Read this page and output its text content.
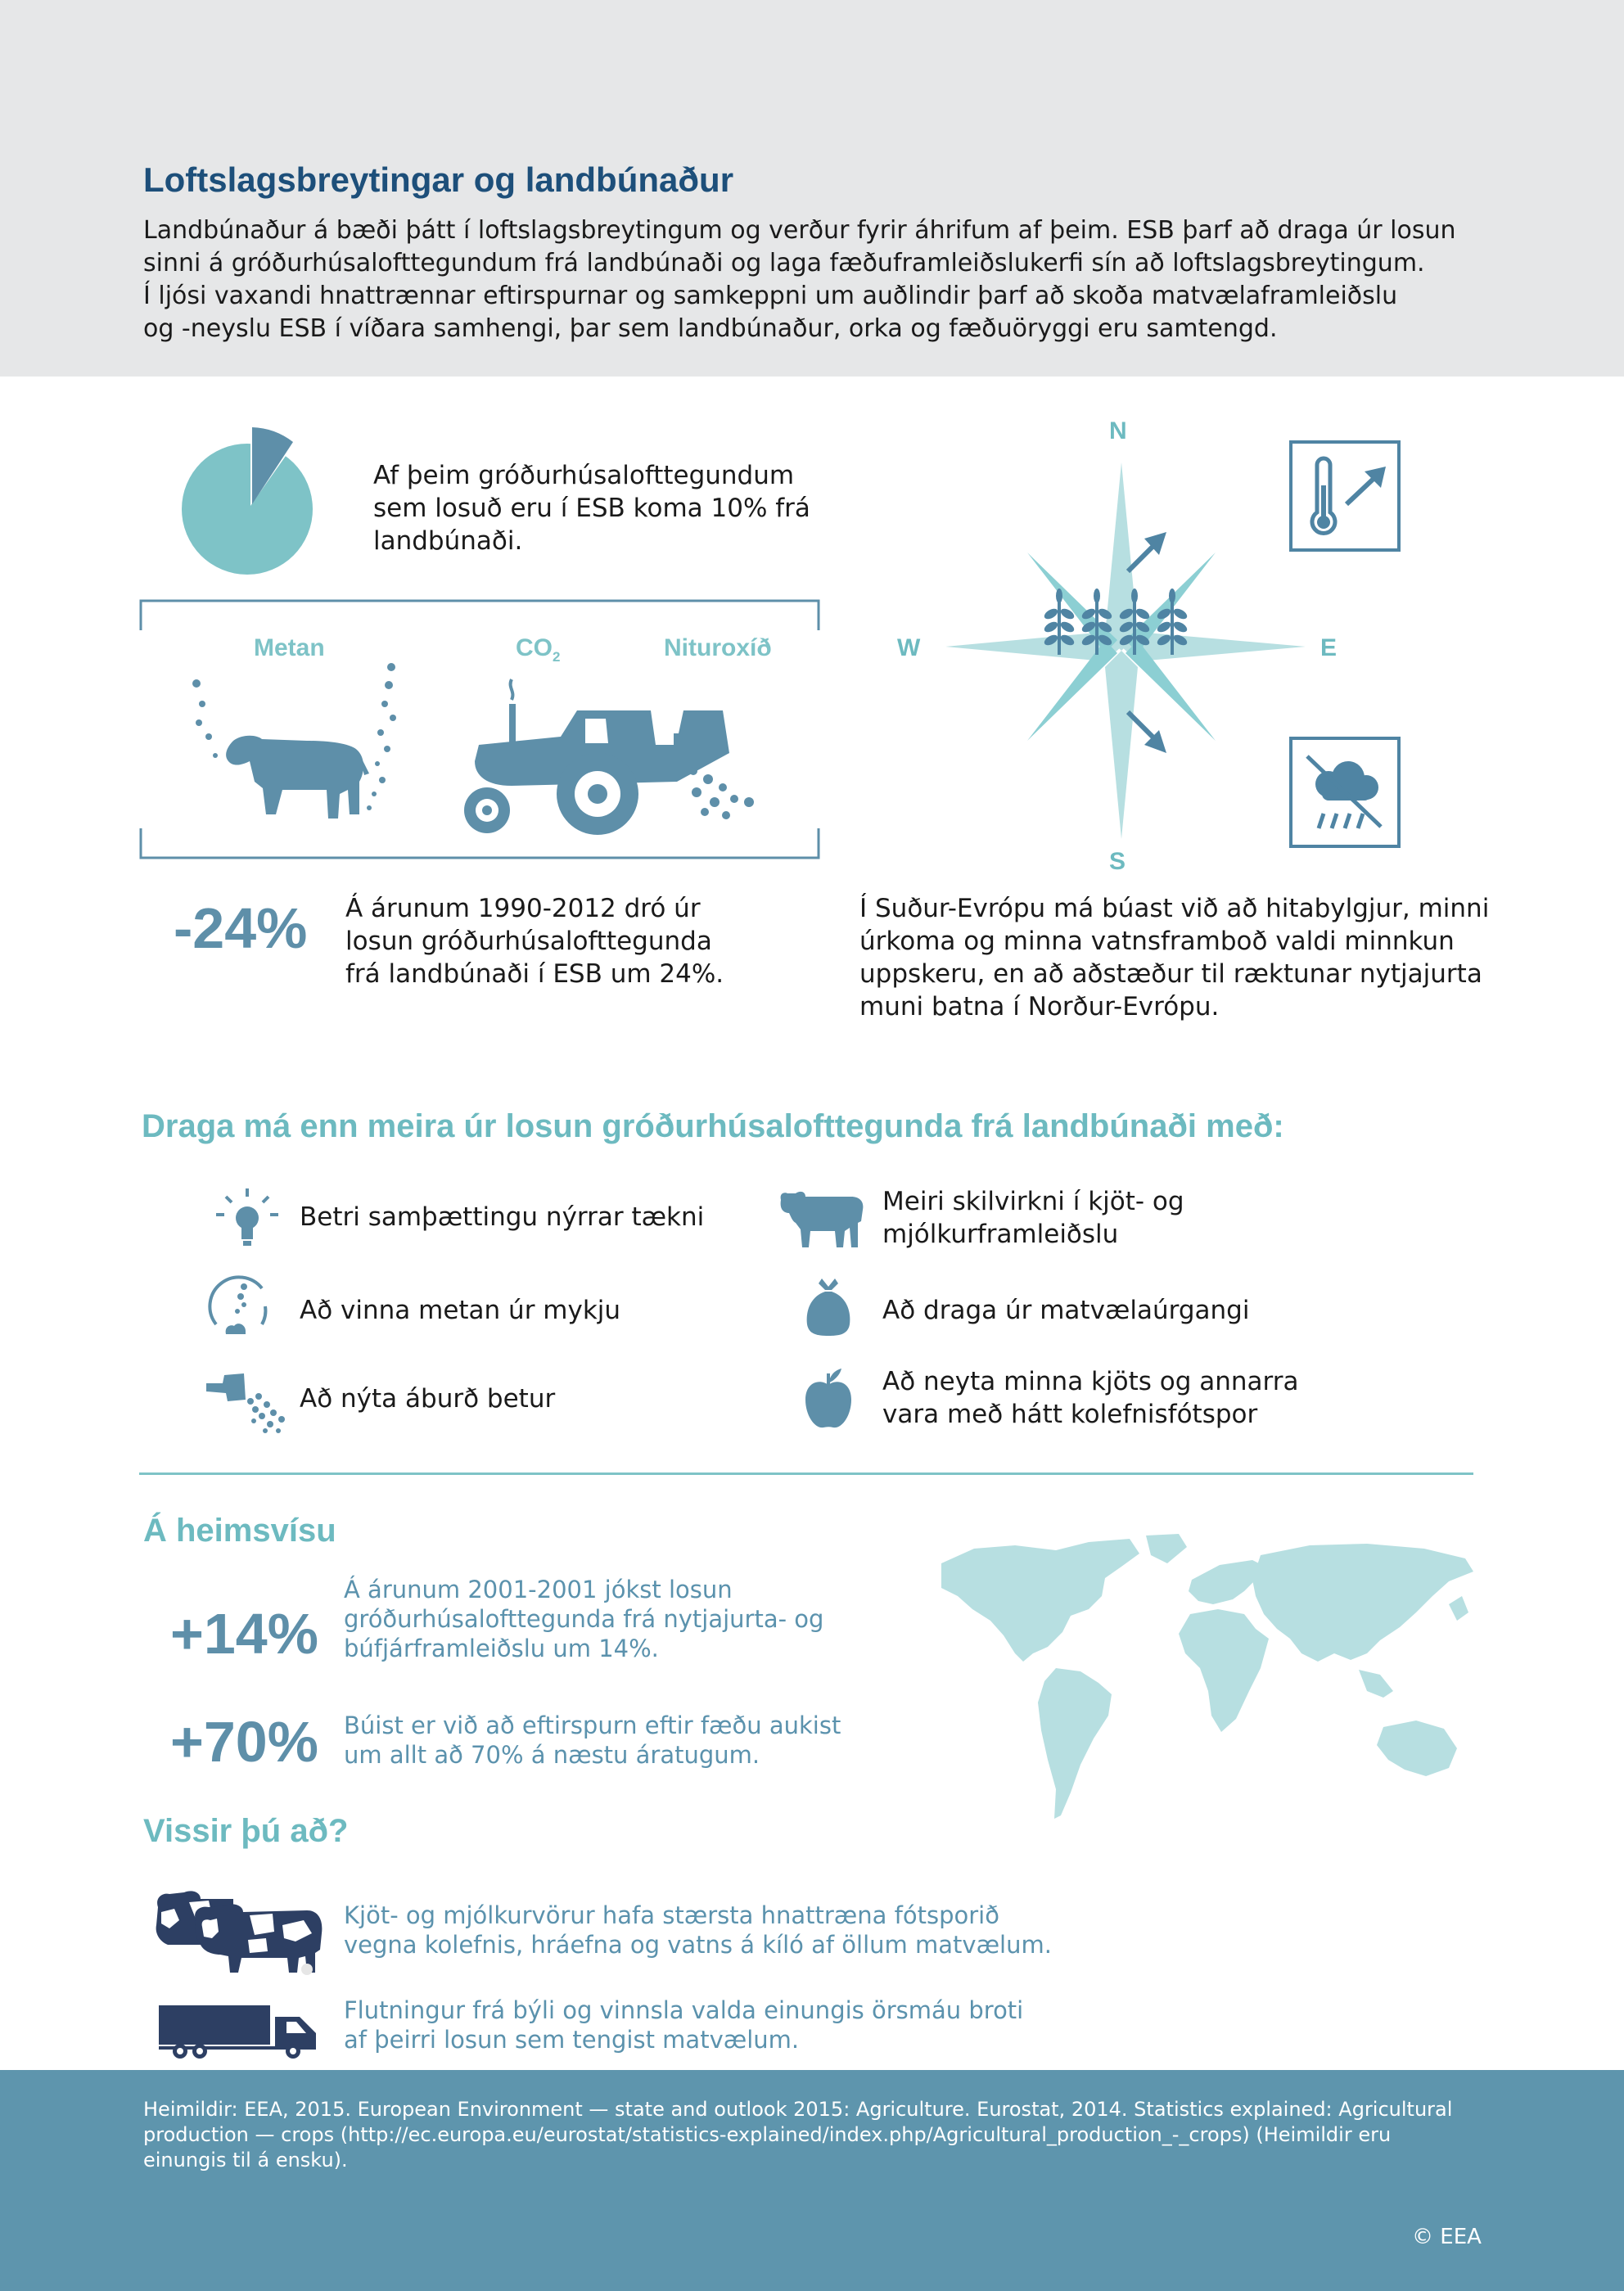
Loftslagsbreytingar og landbúnaður
Landbúnaður á bæði þátt í loftslagsbreytingum og verður fyrir áhrifum af þeim. ESB þarf að draga úr losun
sinni á gróðurhúsalofttegundum frá landbúnaði og laga fæðuframleiðslukerfi sín að loftslagsbreytingum.
Í ljósi vaxandi hnattrænnar eftirspurnar og samkeppni um auðlindir þarf að skoða matvælaframleiðslu
og -neyslu ESB í víðara samhengi, þar sem landbúnaður, orka og fæðuöryggi eru samtengd.
Af þeim gróðurhúsalofttegundum
sem losuð eru í ESB koma 10% frá
landbúnaði.
Metan	$CO_2$	Nituroxíð
-24% Á árunum 1990-2012 dró úr
losun gróðurhúsalofttegunda
frá landbúnaði í ESB um 24%.
N
S
E
W
Í Suður-Evrópu má búast við að hitabylgjur, minni
úrkoma og minna vatnsframboð valdi minnkun
uppskeru, en að aðstæður til ræktunar nytjajurta
muni batna í Norður-Evrópu.
Draga má enn meira úr losun gróðurhúsalofttegunda frá landbúnaði með:
Betri samþættingu nýrrar tækni
Meiri skilvirkni í kjöt- og
mjólkurframleiðslu
Að vinna metan úr mykju	Að draga úr matvælaúrgangi
Að nýta áburð betur
Að neyta minna kjöts og annarra
vara með hátt kolefnisfótspor
Á heimsvísu
+14%
Á árunum 2001-2001 jókst losun
gróðurhúsalofttegunda frá nytjajurta- og
búfjárframleiðslu um 14%.
+70% Búist er við að eftirspurn eftir fæðu aukist
um allt að 70% á næstu áratugum.
Vissir þú að?
Kjöt- og mjólkurvörur hafa stærsta hnattræna fótsporið
vegna kolefnis, hráefna og vatns á kíló af öllum matvælum.
Flutningur frá býli og vinnsla valda einungis örsmáu broti
af þeirri losun sem tengist matvælum.
Heimildir: EEA, 2015. European Environment — state and outlook 2015: Agriculture. Eurostat, 2014. Statistics explained: Agricultural
production — crops (http://ec.europa.eu/eurostat/statistics-explained/index.php/Agricultural_production_-_crops) (Heimildir eru
einungis til á ensku).
© EEA
